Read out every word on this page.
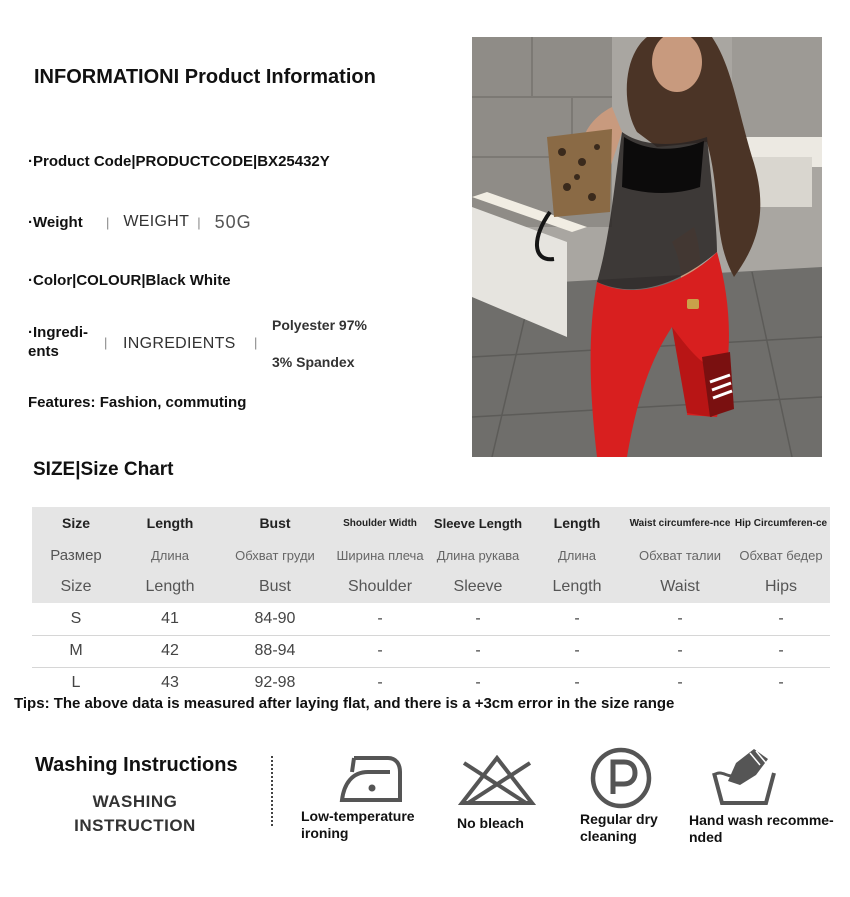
INFORMATIONI Product Information
·Product Code|PRODUCTCODE|BX25432Y
·Weight	| WEIGHT | 50G
·Color|COLOUR|Black White
·Ingredi-ents
| INGREDIENTS |
Polyester 97%
3% Spandex
Features: Fashion, commuting
SIZE|Size Chart
Size	Length	Bust	Shoulder Width	Sleeve Length	Length	Waist circumfere-nce	Hip Circumferen-ce
Размер	Длина	Обхват груди	Ширина плеча	Длина рукава	Длина	Обхват талии	Обхват бедер
Size	Length	Bust	Shoulder	Sleeve	Length	Waist	Hips
S	41	84-90	-	-	-	-	-
M	42	88-94	-	-	-	-	-
L	43	92-98	-	-	-	-	-
Tips: The above data is measured after laying flat, and there is a +3cm error in the size range
Washing Instructions
WASHING
INSTRUCTION	Low-temperature
ironing
No bleach	Regular dry
cleaning
Hand wash recomme-
nded
